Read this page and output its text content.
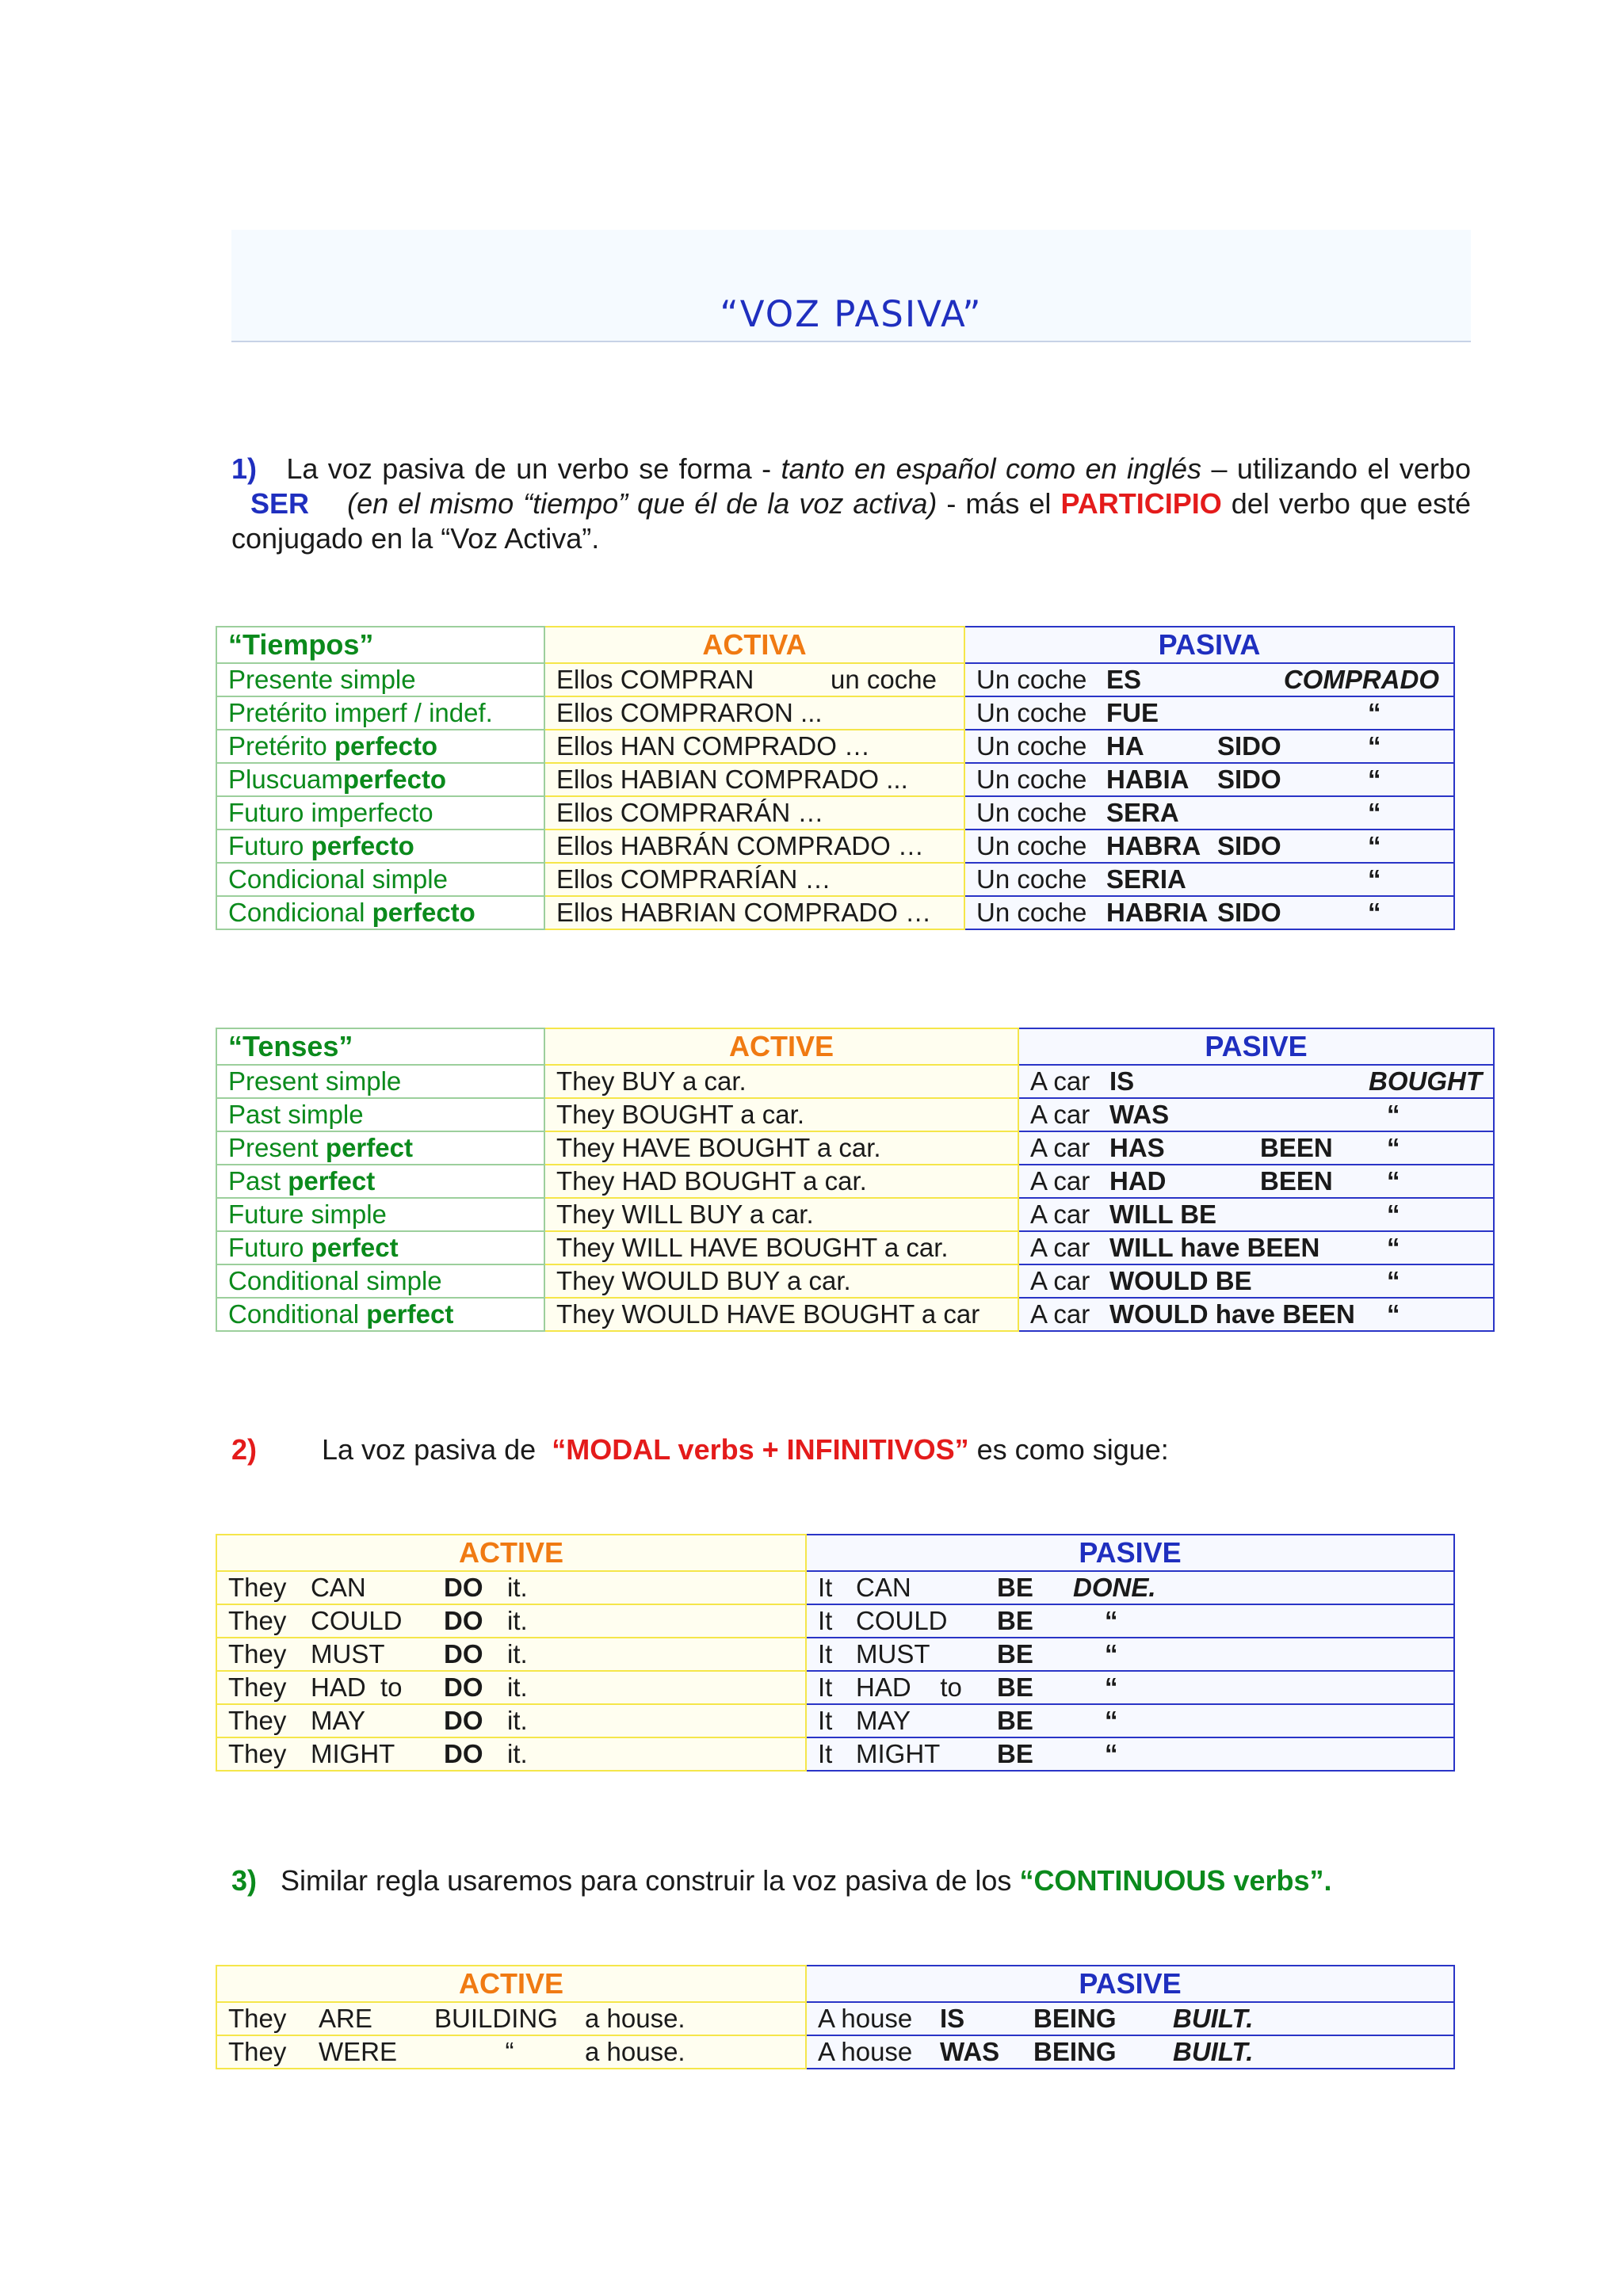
“VOZ PASIVA”
1) La voz pasiva de un verbo se forma - tanto en español como en inglés – utilizando el verbo   SER (en el mismo “tiempo” que él de la voz activa) - más el PARTICIPIO del verbo que esté conjugado en la “Voz Activa”.
“Tiempos”	ACTIVA	PASIVA
Presente simple	Ellos COMPRAN un coche	Un coche ES COMPRADO
Pretérito imperf / indef.	Ellos COMPRARON ...	Un coche FUE “
Pretérito perfecto	Ellos HAN COMPRADO …	Un coche HA SIDO “
Pluscuamperfecto	Ellos HABIAN COMPRADO ...	Un coche HABIA SIDO “
Futuro imperfecto	Ellos COMPRARÁN …	Un coche SERA “
Futuro perfecto	Ellos HABRÁN COMPRADO …	Un coche HABRA SIDO “
Condicional simple	Ellos COMPRARÍAN …	Un coche SERIA “
Condicional perfecto	Ellos HABRIAN COMPRADO …	Un coche HABRIA SIDO “
“Tenses”	ACTIVE	PASIVE
Present simple	They BUY a car.	A car IS BOUGHT
Past simple	They BOUGHT a car.	A car WAS “
Present perfect	They HAVE BOUGHT a car.	A car HAS BEEN “
Past perfect	They HAD BOUGHT a car.	A car HAD BEEN “
Future simple	They WILL BUY a car.	A car WILL BE “
Futuro perfect	They WILL HAVE BOUGHT a car.	A car WILL have BEEN “
Conditional simple	They WOULD BUY a car.	A car WOULD BE “
Conditional perfect	They WOULD HAVE BOUGHT a car	A car WOULD have BEEN “
2) La voz pasiva de  “MODAL verbs + INFINITIVOS” es como sigue:
ACTIVE	PASIVE
They CAN DO it.	It CAN BE DONE.
They COULD DO it.	It COULD BE “
They MUST DO it.	It MUST BE “
They HAD  to DO it.	It HAD    to BE “
They MAY DO it.	It MAY BE “
They MIGHT DO it.	It MIGHT BE “
3) Similar regla usaremos para construir la voz pasiva de los “CONTINUOUS verbs”.
ACTIVE	PASIVE
They ARE BUILDING a house.	A house IS BEING BUILT.
They WERE “ a house.	A house WAS BEING BUILT.
